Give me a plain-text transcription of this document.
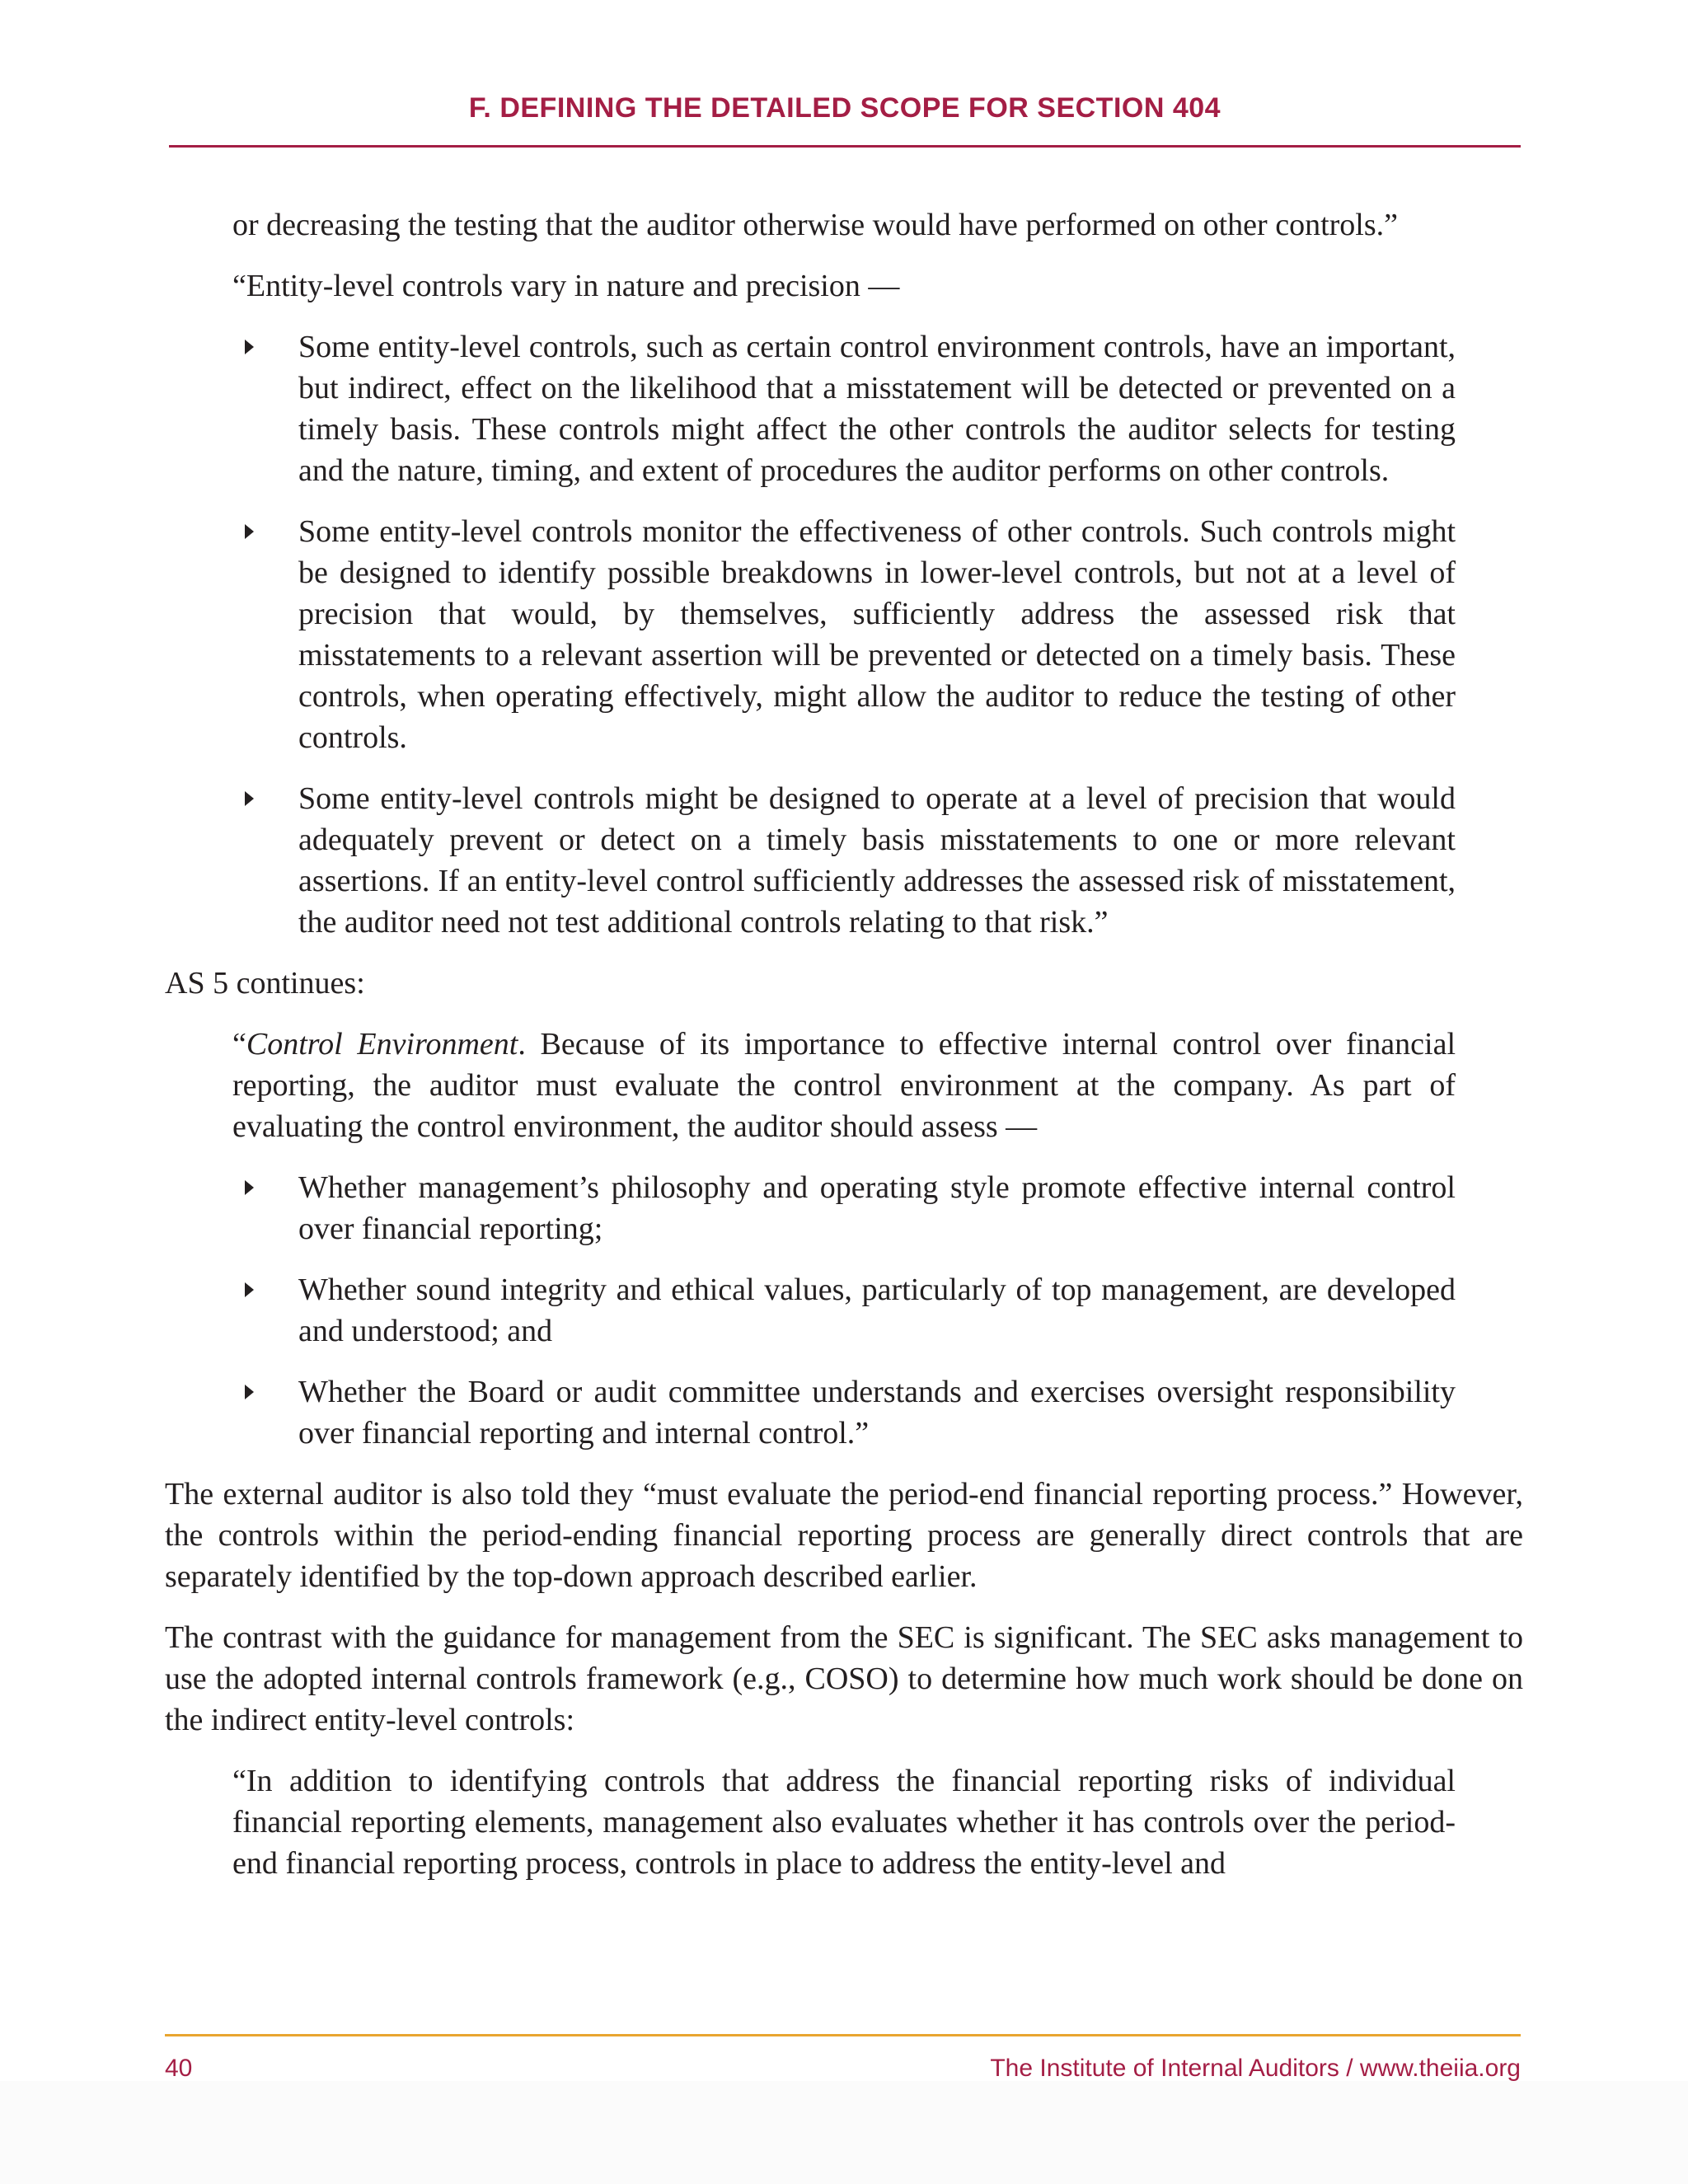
F. DEFINING THE DETAILED SCOPE FOR SECTION 404

or decreasing the testing that the auditor otherwise would have performed on other controls.”

“Entity-level controls vary in nature and precision —

Some entity-level controls, such as certain control environment controls, have an important, but indirect, effect on the likelihood that a misstatement will be detected or prevented on a timely basis. These controls might affect the other controls the auditor selects for testing and the nature, timing, and extent of procedures the auditor performs on other controls.
Some entity-level controls monitor the effectiveness of other controls. Such controls might be designed to identify possible breakdowns in lower-level controls, but not at a level of precision that would, by themselves, sufficiently address the assessed risk that misstatements to a relevant assertion will be prevented or detected on a timely basis. These controls, when operating effectively, might allow the auditor to reduce the testing of other controls.
Some entity-level controls might be designed to operate at a level of precision that would adequately prevent or detect on a timely basis misstatements to one or more relevant assertions. If an entity-level control sufficiently addresses the assessed risk of misstatement, the auditor need not test additional controls relating to that risk.”

AS 5 continues:

“Control Environment. Because of its importance to effective internal control over financial reporting, the auditor must evaluate the control environment at the company. As part of evaluating the control environment, the auditor should assess —

Whether management’s philosophy and operating style promote effective internal control over financial reporting;
Whether sound integrity and ethical values, particularly of top management, are developed and understood; and
Whether the Board or audit committee understands and exercises oversight responsibility over financial reporting and internal control.”

The external auditor is also told they “must evaluate the period-end financial reporting process.” However, the controls within the period-ending financial reporting process are generally direct controls that are separately identified by the top-down approach described earlier.

The contrast with the guidance for management from the SEC is significant. The SEC asks management to use the adopted internal controls framework (e.g., COSO) to determine how much work should be done on the indirect entity-level controls:

“In addition to identifying controls that address the financial reporting risks of individual financial reporting elements, management also evaluates whether it has controls over the period-end financial reporting process, controls in place to address the entity-level and

40	The Institute of Internal Auditors / www.theiia.org
